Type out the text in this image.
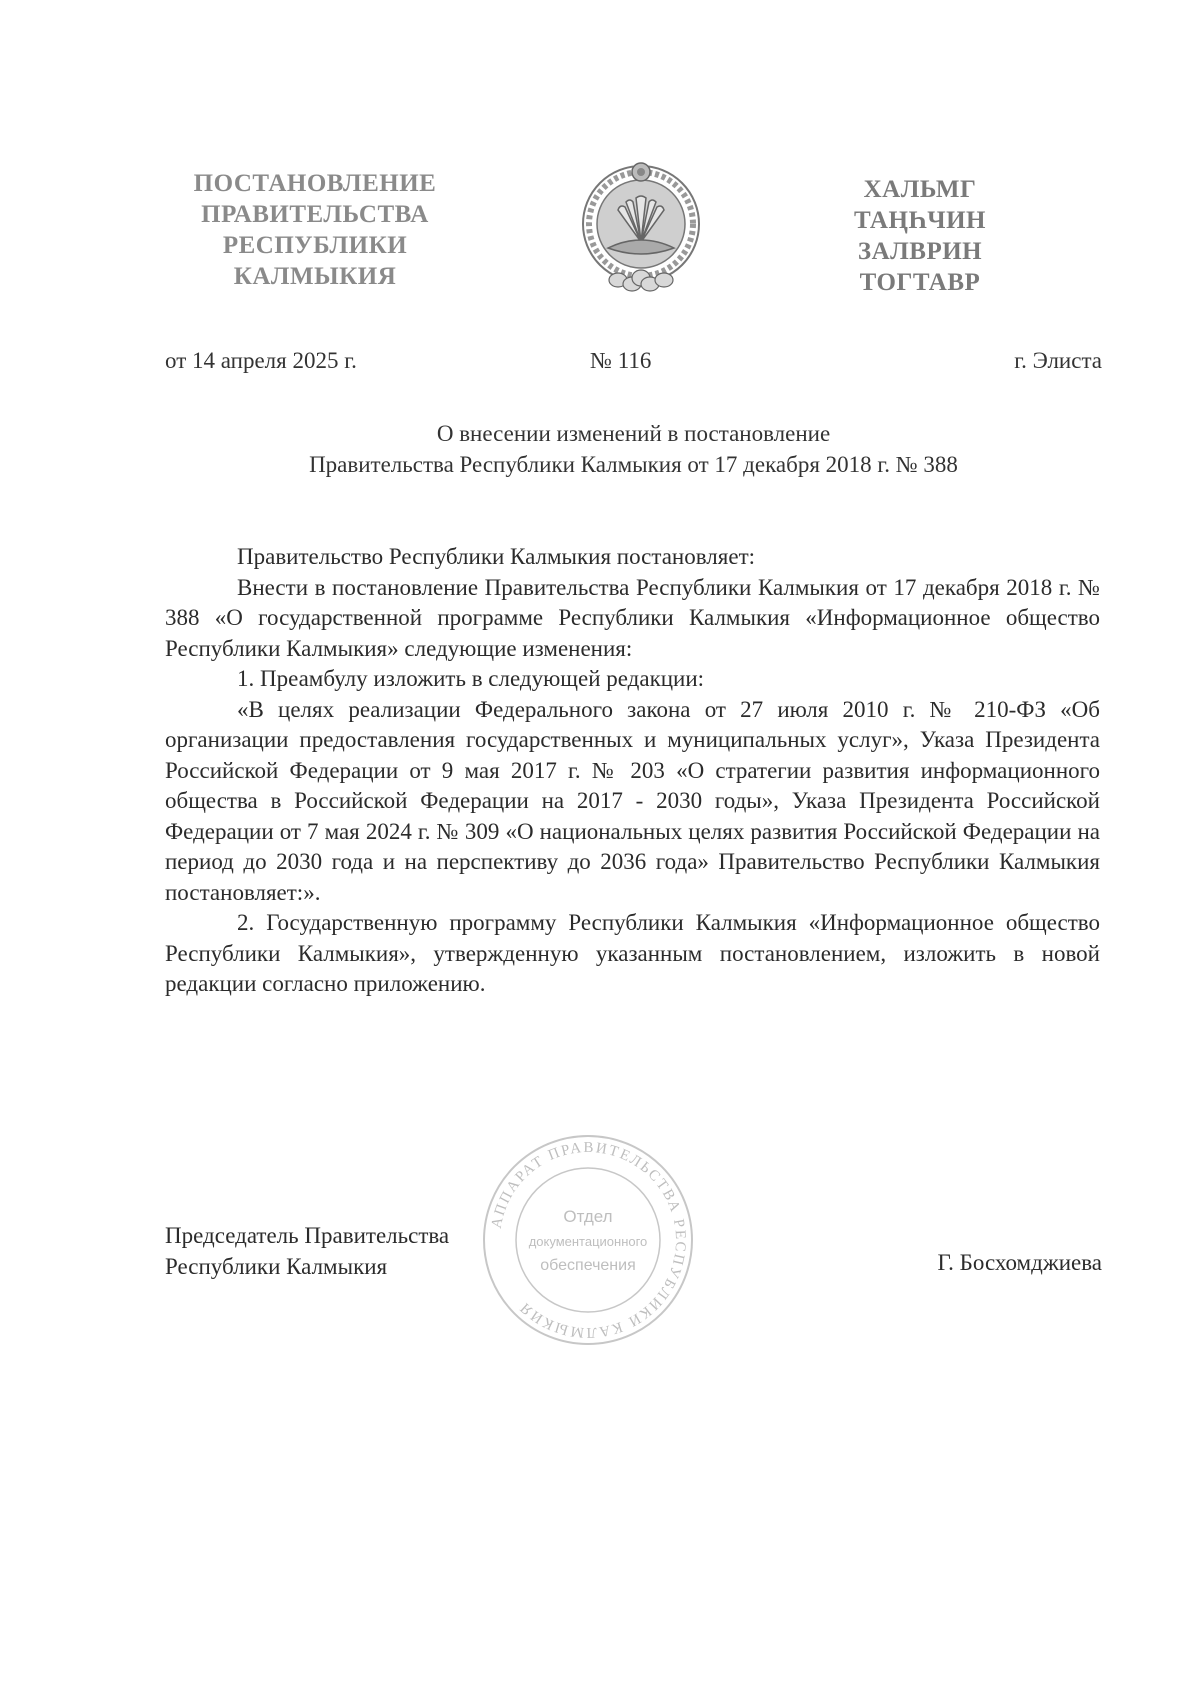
ПОСТАНОВЛЕНИЕ
ПРАВИТЕЛЬСТВА
РЕСПУБЛИКИ
КАЛМЫКИЯ
ХАЛЬМГ
ТАҢҺЧИН
ЗАЛВРИН
ТОГТАВР
от 14 апреля 2025 г.	№ 116	г. Элиста
О внесении изменений в постановление
Правительства Республики Калмыкия от 17 декабря 2018 г. № 388

Правительство Республики Калмыкия постановляет:

Внести в постановление Правительства Республики Калмыкия от 17 декабря 2018 г. № 388 «О государственной программе Республики Калмыкия «Информационное общество Республики Калмыкия» следующие изменения:

1. Преамбулу изложить в следующей редакции:

«В целях реализации Федерального закона от 27 июля 2010 г. № 210-ФЗ «Об организации предоставления государственных и муниципальных услуг», Указа Президента Российской Федерации от 9 мая 2017 г. № 203 «О стратегии развития информационного общества в Российской Федерации на 2017 - 2030 годы», Указа Президента Российской Федерации от 7 мая 2024 г. № 309 «О национальных целях развития Российской Федерации на период до 2030 года и на перспективу до 2036 года» Правительство Республики Калмыкия постановляет:».

2. Государственную программу Республики Калмыкия «Информационное общество Республики Калмыкия», утвержденную указанным постановлением, изложить в новой редакции согласно приложению.

АППАРАТ ПРАВИТЕЛЬСТВА РЕСПУБЛИКИ КАЛМЫКИЯ
Отдел
документационного
обеспечения
Председатель Правительства
Республики Калмыкия	Г. Босхомджиева
